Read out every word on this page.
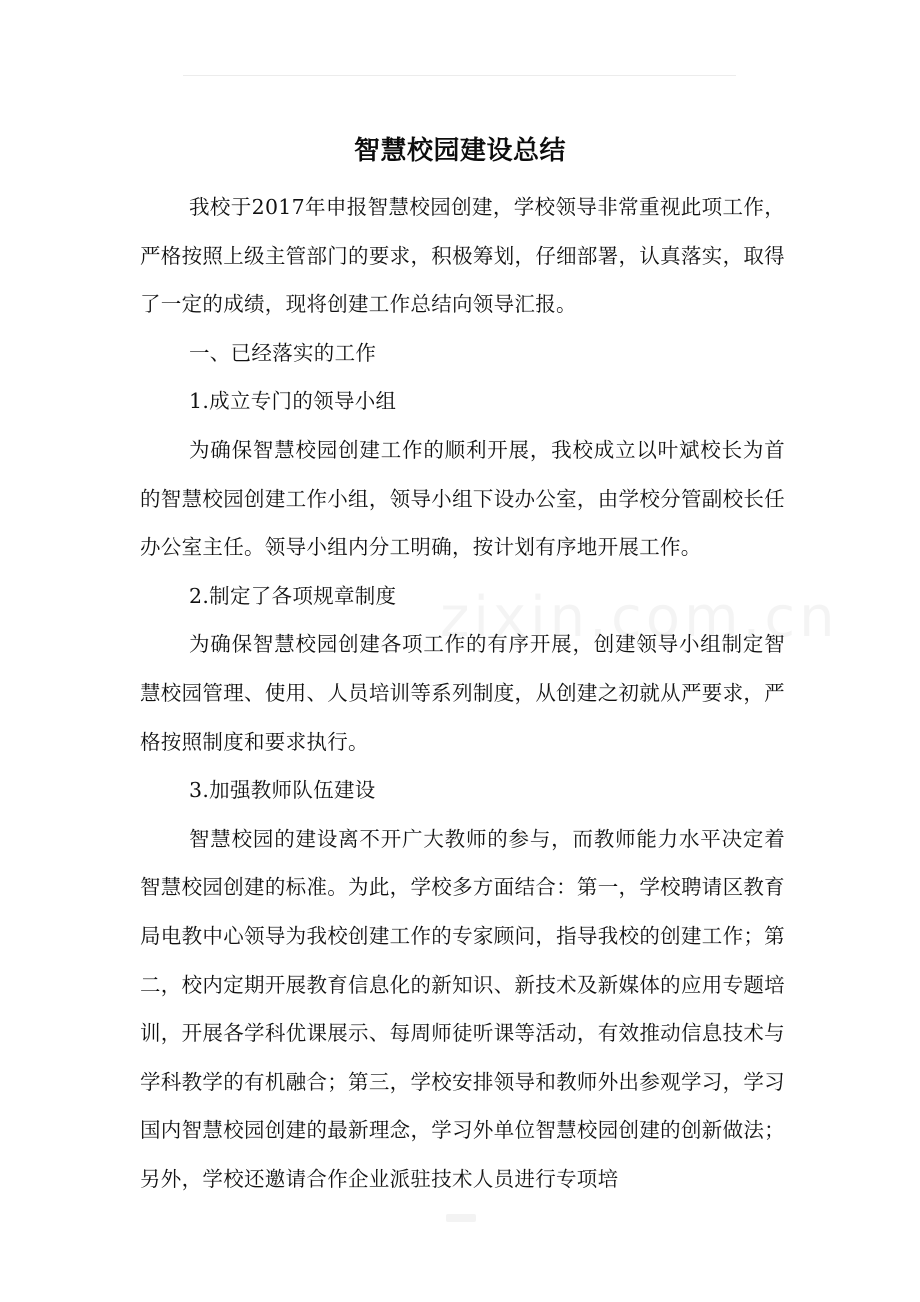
智慧校园建设总结

我校于2017年申报智慧校园创建，学校领导非常重视此项工作，严格按照上级主管部门的要求，积极筹划，仔细部署，认真落实，取得了一定的成绩，现将创建工作总结向领导汇报。

一、已经落实的工作

1.成立专门的领导小组

为确保智慧校园创建工作的顺利开展，我校成立以叶斌校长为首的智慧校园创建工作小组，领导小组下设办公室，由学校分管副校长任办公室主任。领导小组内分工明确，按计划有序地开展工作。

2.制定了各项规章制度

为确保智慧校园创建各项工作的有序开展，创建领导小组制定智慧校园管理、使用、人员培训等系列制度，从创建之初就从严要求，严格按照制度和要求执行。

3.加强教师队伍建设

智慧校园的建设离不开广大教师的参与，而教师能力水平决定着智慧校园创建的标准。为此，学校多方面结合：第一，学校聘请区教育局电教中心领导为我校创建工作的专家顾问，指导我校的创建工作；第二，校内定期开展教育信息化的新知识、新技术及新媒体的应用专题培训，开展各学科优课展示、每周师徒听课等活动，有效推动信息技术与学科教学的有机融合；第三，学校安排领导和教师外出参观学习，学习国内智慧校园创建的最新理念，学习外单位智慧校园创建的创新做法；另外，学校还邀请合作企业派驻技术人员进行专项培
